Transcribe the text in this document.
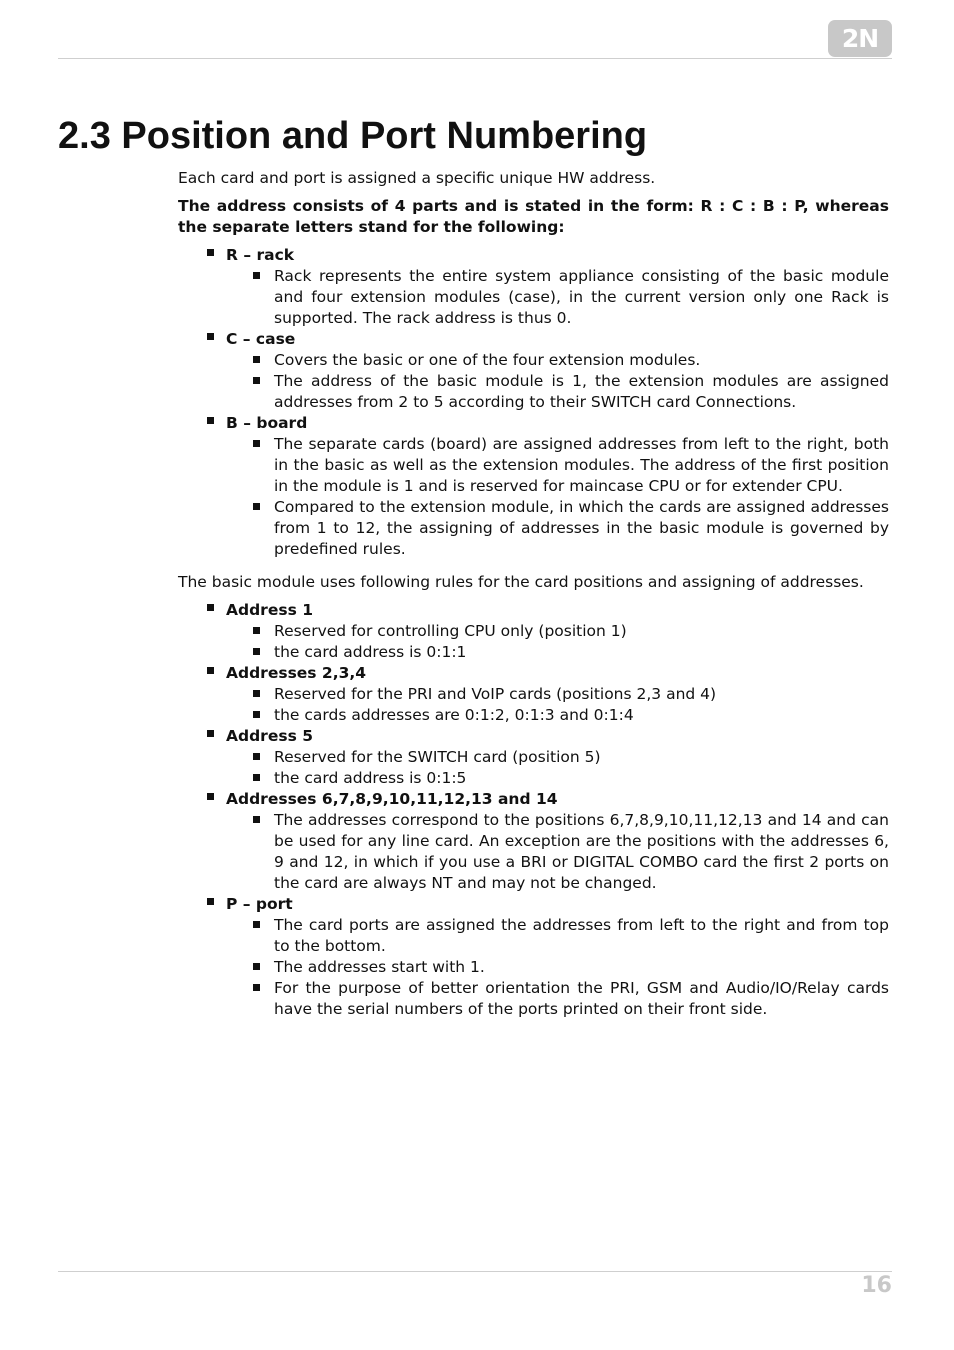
2N
2.3 Position and Port Numbering

Each card and port is assigned a specific unique HW address.

The address consists of 4 parts and is stated in the form: R : C : B : P, whereas the separate letters stand for the following:

R – rack
Rack represents the entire system appliance consisting of the basic module and four extension modules (case), in the current version only one Rack is supported. The rack address is thus 0.
C – case
Covers the basic or one of the four extension modules.
The address of the basic module is 1, the extension modules are assigned addresses from 2 to 5 according to their SWITCH card Connections.
B – board
The separate cards (board) are assigned addresses from left to the right, both in the basic as well as the extension modules. The address of the first position in the module is 1 and is reserved for maincase CPU or for extender CPU.
Compared to the extension module, in which the cards are assigned addresses from 1 to 12, the assigning of addresses in the basic module is governed by predefined rules.

The basic module uses following rules for the card positions and assigning of addresses.

Address 1
Reserved for controlling CPU only (position 1)
the card address is 0:1:1
Addresses 2,3,4
Reserved for the PRI and VoIP cards (positions 2,3 and 4)
the cards addresses are 0:1:2, 0:1:3 and 0:1:4
Address 5
Reserved for the SWITCH card (position 5)
the card address is 0:1:5
Addresses 6,7,8,9,10,11,12,13 and 14
The addresses correspond to the positions 6,7,8,9,10,11,12,13 and 14 and can be used for any line card. An exception are the positions with the addresses 6, 9 and 12, in which if you use a BRI or DIGITAL COMBO card the first 2 ports on the card are always NT and may not be changed.
P – port
The card ports are assigned the addresses from left to the right and from top to the bottom.
The addresses start with 1.
For the purpose of better orientation the PRI, GSM and Audio/IO/Relay cards have the serial numbers of the ports printed on their front side.
16
